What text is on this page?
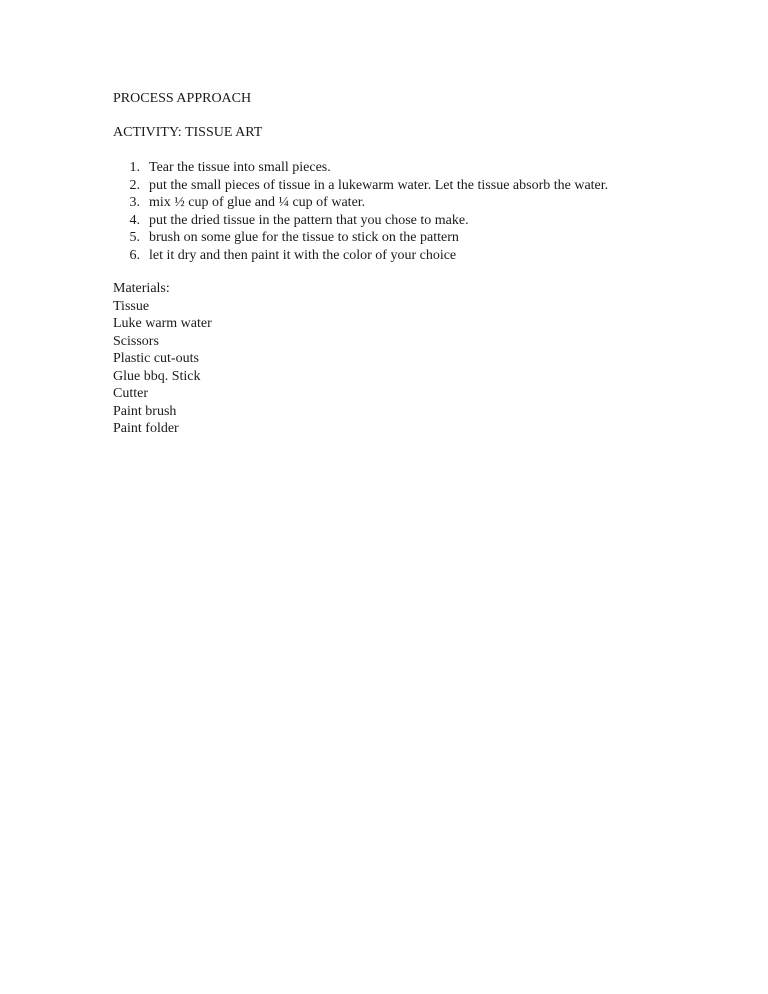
PROCESS APPROACH

ACTIVITY: TISSUE ART

1. Tear the tissue into small pieces.
2. put the small pieces of tissue in a lukewarm water. Let the tissue absorb the water.
3. mix ½ cup of glue and ¼ cup of water.
4. put the dried tissue in the pattern that you chose to make.
5. brush on some glue for the tissue to stick on the pattern
6. let it dry and then paint it with the color of your choice

Materials:

Tissue
Luke warm water
Scissors
Plastic cut-outs
Glue bbq. Stick
Cutter
Paint brush
Paint folder
